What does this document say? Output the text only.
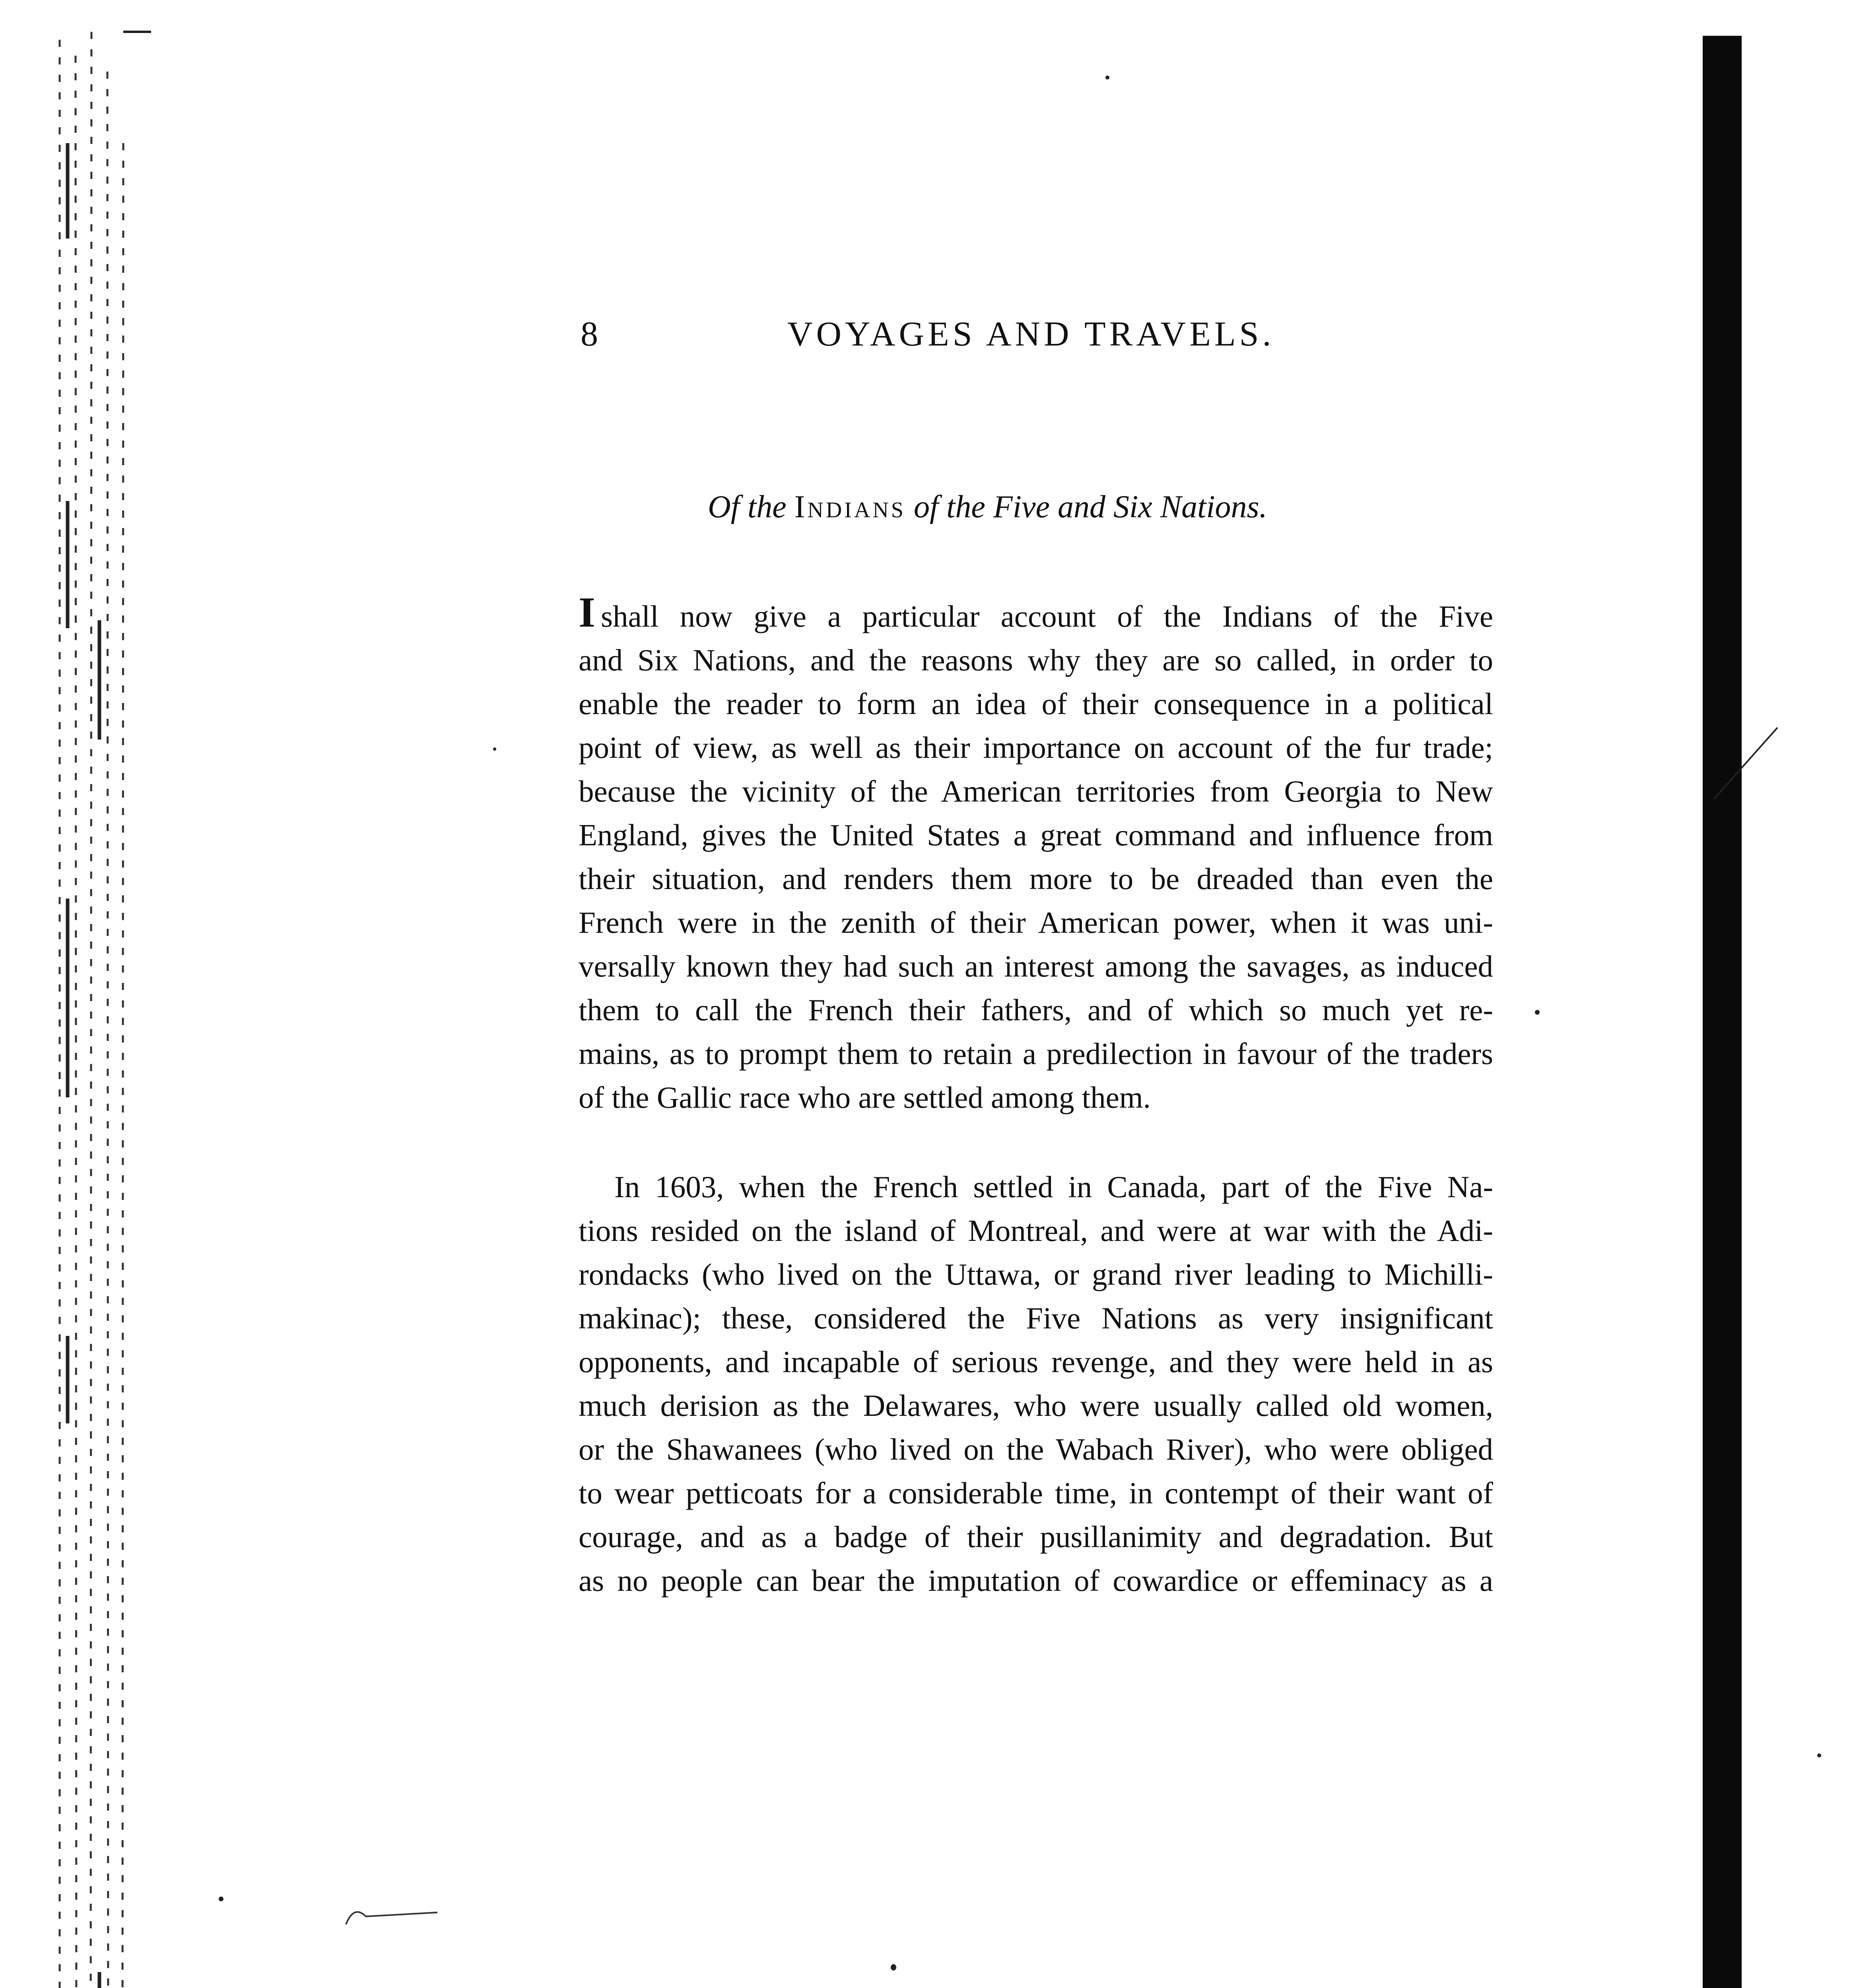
8	VOYAGES AND TRAVELS.
Of the Indians of the Five and Six Nations.
I shall now give a particular account of the Indians of the Five
and Six Nations, and the reasons why they are so called, in order to
enable the reader to form an idea of their consequence in a political
point of view, as well as their importance on account of the fur trade;
because the vicinity of the American territories from Georgia to New
England, gives the United States a great command and influence from
their situation, and renders them more to be dreaded than even the
French were in the zenith of their American power, when it was uni-
versally known they had such an interest among the savages, as induced
them to call the French their fathers, and of which so much yet re-
mains, as to prompt them to retain a predilection in favour of the traders
of the Gallic race who are settled among them.
In 1603, when the French settled in Canada, part of the Five Na-
tions resided on the island of Montreal, and were at war with the Adi-
rondacks (who lived on the Uttawa, or grand river leading to Michilli-
makinac); these, considered the Five Nations as very insignificant
opponents, and incapable of serious revenge, and they were held in as
much derision as the Delawares, who were usually called old women,
or the Shawanees (who lived on the Wabach River), who were obliged
to wear petticoats for a considerable time, in contempt of their want of
courage, and as a badge of their pusillanimity and degradation. But
as no people can bear the imputation of cowardice or effeminacy as a
